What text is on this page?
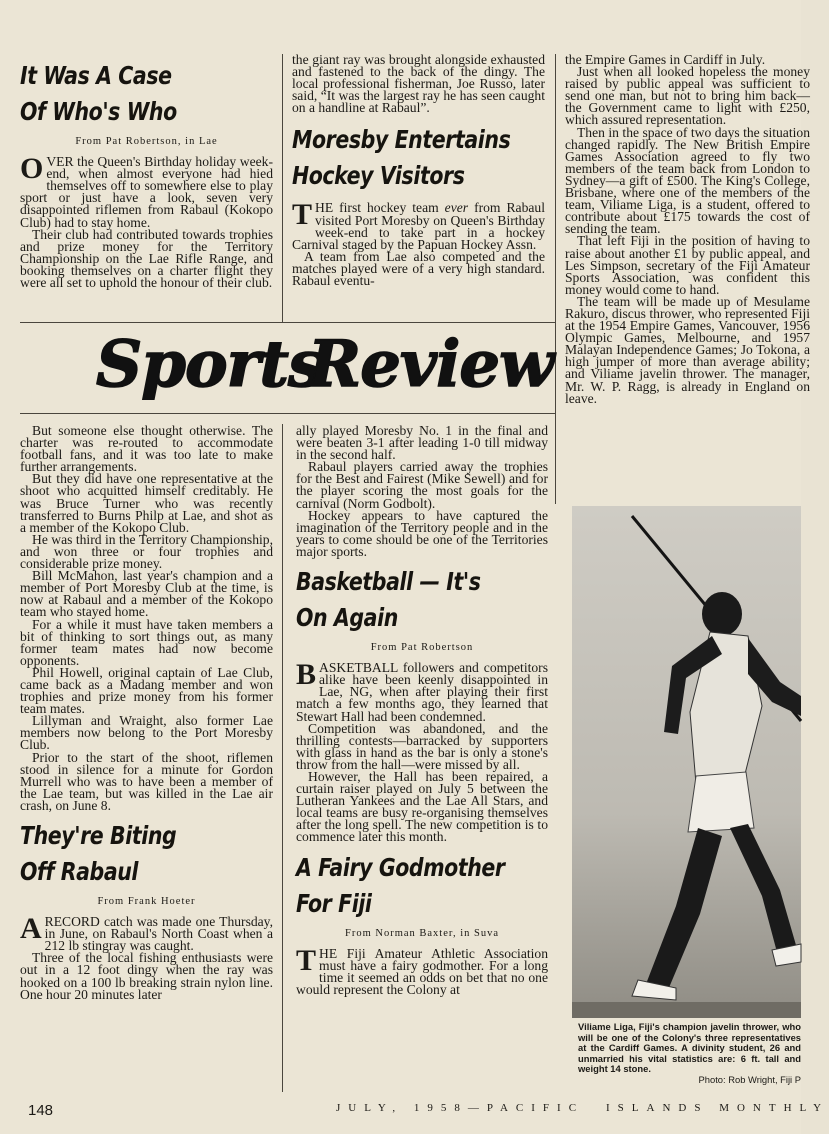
It Was A Case
Of Who's Who
From Pat Robertson, in Lae

OVER the Queen's Birthday holiday week-end, when almost everyone had hied themselves off to somewhere else to play sport or just have a look, seven very disappointed riflemen from Rabaul (Kokopo Club) had to stay home.

Their club had contributed towards trophies and prize money for the Territory Championship on the Lae Rifle Range, and booking themselves on a charter flight they were all set to uphold the honour of their club.

the giant ray was brought alongside exhausted and fastened to the back of the dingy. The local professional fisherman, Joe Russo, later said, “It was the largest ray he has seen caught on a handline at Rabaul”.

Moresby Entertains
Hockey Visitors

THE first hockey team ever from Rabaul visited Port Moresby on Queen's Birthday week-end to take part in a hockey Carnival staged by the Papuan Hockey Assn.

A team from Lae also competed and the matches played were of a very high standard. Rabaul eventu-

the Empire Games in Cardiff in July.

Just when all looked hopeless the money raised by public appeal was sufficient to send one man, but not to bring him back—the Government came to light with £250, which assured representation.

Then in the space of two days the situation changed rapidly. The New British Empire Games Association agreed to fly two members of the team back from London to Sydney—a gift of £500. The King's College, Brisbane, where one of the members of the team, Viliame Liga, is a student, offered to contribute about £175 towards the cost of sending the team.

That left Fiji in the position of having to raise about another £1 by public appeal, and Les Simpson, secretary of the Fiji Amateur Sports Association, was confident this money would come to hand.

The team will be made up of Mesulame Rakuro, discus thrower, who represented Fiji at the 1954 Empire Games, Vancouver, 1956 Olympic Games, Melbourne, and 1957 Malayan Independence Games; Jo Tokona, a high jumper of more than average ability; and Viliame javelin thrower. The manager, Mr. W. P. Ragg, is already in England on leave.

Sports
Review

But someone else thought otherwise. The charter was re-routed to accommodate football fans, and it was too late to make further arrangements.

But they did have one representative at the shoot who acquitted himself creditably. He was Bruce Turner who was recently transferred to Burns Philp at Lae, and shot as a member of the Kokopo Club.

He was third in the Territory Championship, and won three or four trophies and considerable prize money.

Bill McMahon, last year's champion and a member of Port Moresby Club at the time, is now at Rabaul and a member of the Kokopo team who stayed home.

For a while it must have taken members a bit of thinking to sort things out, as many former team mates had now become opponents.

Phil Howell, original captain of Lae Club, came back as a Madang member and won trophies and prize money from his former team mates.

Lillyman and Wraight, also former Lae members now belong to the Port Moresby Club.

Prior to the start of the shoot, riflemen stood in silence for a minute for Gordon Murrell who was to have been a member of the Lae team, but was killed in the Lae air crash, on June 8.

They're Biting
Off Rabaul
From Frank Hoeter

ARECORD catch was made one Thursday, in June, on Rabaul's North Coast when a 212 lb stingray was caught.

Three of the local fishing enthusiasts were out in a 12 foot dingy when the ray was hooked on a 100 lb breaking strain nylon line. One hour 20 minutes later

ally played Moresby No. 1 in the final and were beaten 3-1 after leading 1-0 till midway in the second half.

Rabaul players carried away the trophies for the Best and Fairest (Mike Sewell) and for the player scoring the most goals for the carnival (Norm Godbolt).

Hockey appears to have captured the imagination of the Territory people and in the years to come should be one of the Territories major sports.

Basketball — It's
On Again
From Pat Robertson

BASKETBALL followers and competitors alike have been keenly disappointed in Lae, NG, when after playing their first match a few months ago, they learned that Stewart Hall had been condemned.

Competition was abandoned, and the thrilling contests—barracked by supporters with glass in hand as the bar is only a stone's throw from the hall—were missed by all.

However, the Hall has been repaired, a curtain raiser played on July 5 between the Lutheran Yankees and the Lae All Stars, and local teams are busy re-organising themselves after the long spell. The new competition is to commence later this month.

A Fairy Godmother
For Fiji
From Norman Baxter, in Suva

THE Fiji Amateur Athletic Association must have a fairy godmother. For a long time it seemed an odds on bet that no one would represent the Colony at

Viliame Liga, Fiji's champion javelin thrower, who will be one of the Colony's three representatives at the Cardiff Games. A divinity student, 26 and unmarried his vital statistics are: 6 ft. tall and weight 14 stone.
Photo: Rob Wright, Fiji P
148	JULY, 1958—PACIFIC ISLANDS MONTHLY
